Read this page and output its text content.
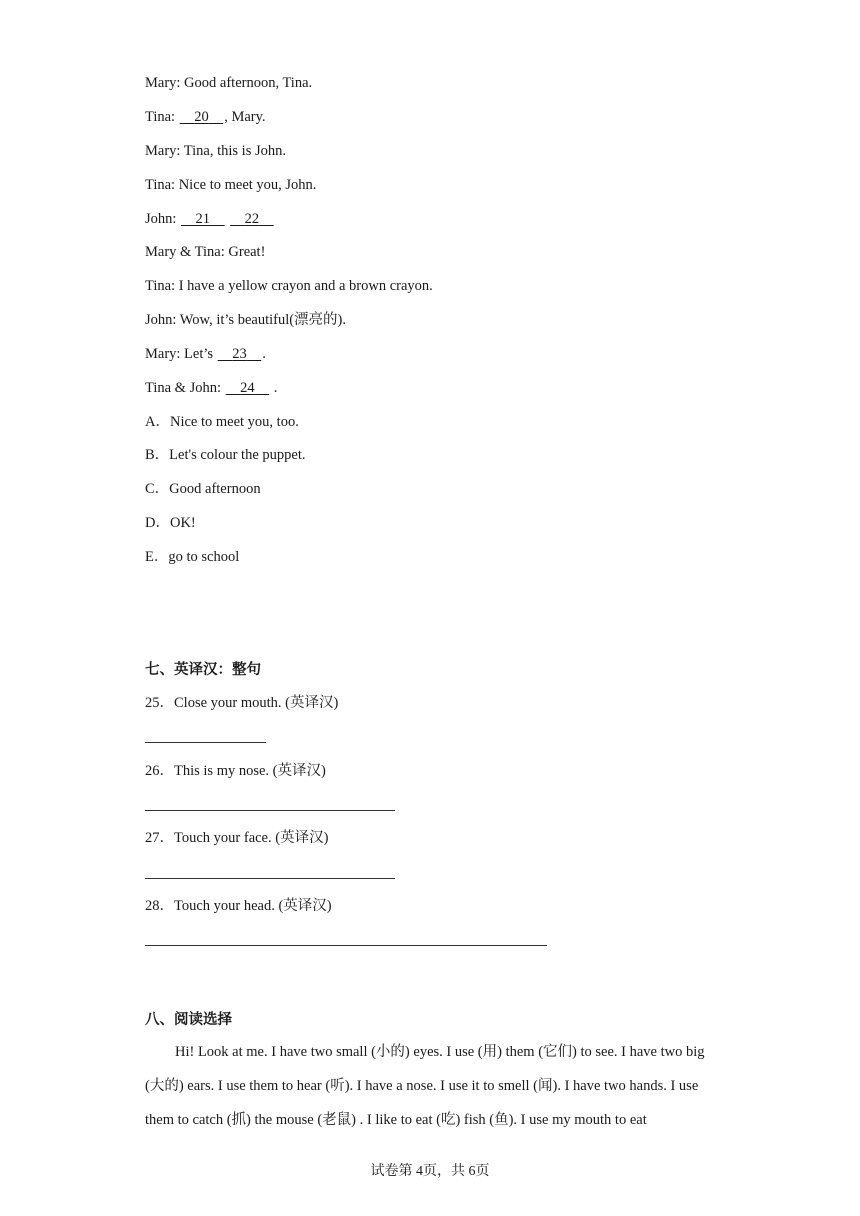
Mary: Good afternoon, Tina.
Tina:     20 , Mary.
Mary: Tina, this is John.
Tina: Nice to meet you, John.
John:     21 22
Mary & Tina: Great!
Tina: I have a yellow crayon and a brown crayon.
John: Wow, it’s beautiful(漂亮的).
Mary: Let’s     23 .
Tina & John:     24     .
A．Nice to meet you, too.
B．Let's colour the puppet.
C．Good afternoon
D．OK!
E．go to school
七、英译汉：整句
25．Close your mouth. (英译汉)
26．This is my nose. (英译汉)
27．Touch your face. (英译汉)
28．Touch your head. (英译汉)
八、阅读选择

Hi! Look at me. I have two small (小的) eyes. I use (用) them (它们) to see. I have two big (大的) ears. I use them to hear (听). I have a nose. I use it to smell (闻). I have two hands. I use them to catch (抓) the mouse (老鼠) . I like to eat (吃) fish (鱼). I use my mouth to eat

试卷第 4页，共 6页
